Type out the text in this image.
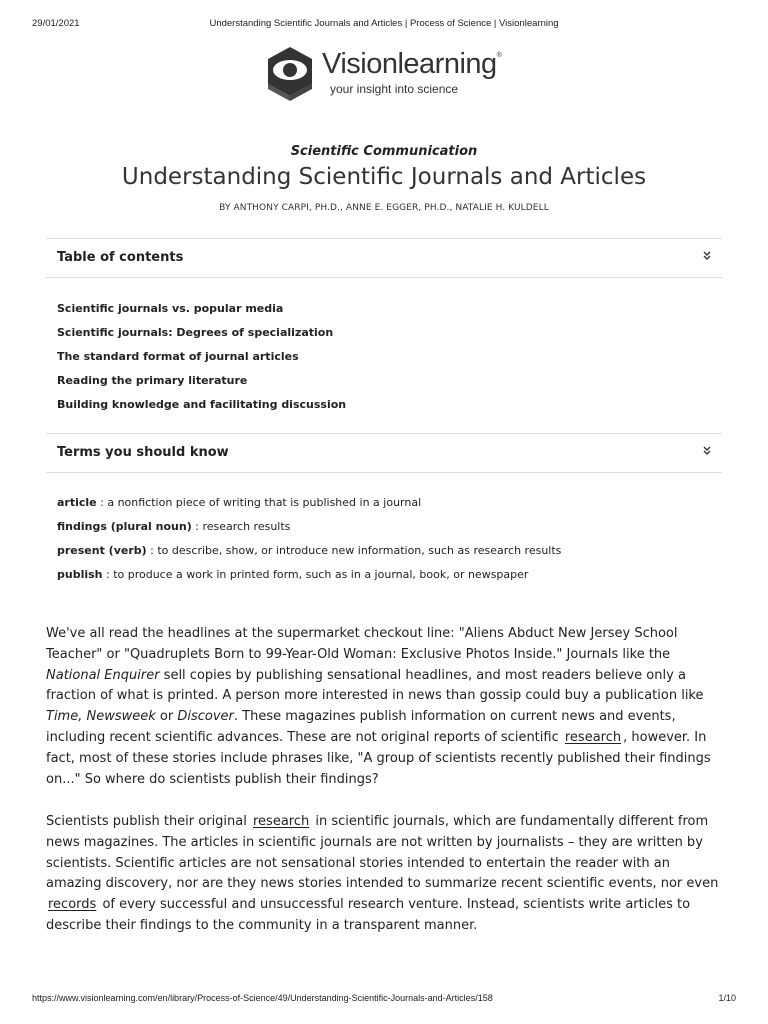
29/01/2021	Understanding Scientific Journals and Articles | Process of Science | Visionlearning
Visionlearning®
your insight into science
Scientific Communication
Understanding Scientific Journals and Articles
BY ANTHONY CARPI, PH.D., ANNE E. EGGER, PH.D., NATALIE H. KULDELL
Table of contents
Scientific journals vs. popular media
Scientific journals: Degrees of specialization
The standard format of journal articles
Reading the primary literature
Building knowledge and facilitating discussion
Terms you should know
article : a nonfiction piece of writing that is published in a journal
findings (plural noun) : research results
present (verb) : to describe, show, or introduce new information, such as research results
publish : to produce a work in printed form, such as in a journal, book, or newspaper

We've all read the headlines at the supermarket checkout line: "Aliens Abduct New Jersey School Teacher" or "Quadruplets Born to 99-Year-Old Woman: Exclusive Photos Inside." Journals like the National Enquirer sell copies by publishing sensational headlines, and most readers believe only a fraction of what is printed. A person more interested in news than gossip could buy a publication like Time, Newsweek or Discover. These magazines publish information on current news and events, including recent scientific advances. These are not original reports of scientific research , however. In fact, most of these stories include phrases like, "A group of scientists recently published their findings on..." So where do scientists publish their findings?

Scientists publish their original research in scientific journals, which are fundamentally different from news magazines. The articles in scientific journals are not written by journalists – they are written by scientists. Scientific articles are not sensational stories intended to entertain the reader with an amazing discovery, nor are they news stories intended to summarize recent scientific events, nor even records of every successful and unsuccessful research venture. Instead, scientists write articles to describe their findings to the community in a transparent manner.

https://www.visionlearning.com/en/library/Process-of-Science/49/Understanding-Scientific-Journals-and-Articles/158	1/10
